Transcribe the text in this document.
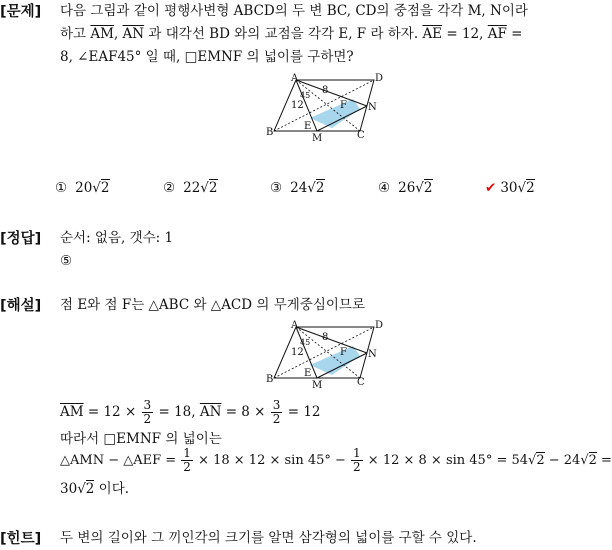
[문제] 다음 그림과 같이 평행사변형 ABCD의 두 변 BC, CD의 중점을 각각 M, N이라
하고 $\overline{AM}$, $\overline{AN}$ 과 대각선 BD 와의 교점을 각각 E, F 라 하자. $\overline{AE} = 12$, $\overline{AF}$ =
8, ∠EAF45° 일 때, □EMNF 의 넓이를 구하면?
A	D
B	C
M
N
E
F
12
8
45
① 20√2	② 22√2	③ 24√2	④ 26√2	✔ 30√2
[정답] 순서: 없음, 갯수: 1
⑤
[해설] 점 E와 점 F는 △ABC 와 △ACD 의 무게중심이므로
A	D
B	C
M
N
E
F
12
8
45
$\overline{AM} = 12 \times \frac{3}{2} = 18$, $\overline{AN} = 8 \times \frac{3}{2} = 12$
따라서 □EMNF 의 넓이는
△AMN − △AEF = $\frac{1}{2} \times 18 \times 12 \times \sin 45^\circ - \frac{1}{2} \times 12 \times 8 \times \sin 45^\circ = 54√2 - 24√2$ =
30√2 이다.
[힌트] 두 변의 길이와 그 끼인각의 크기를 알면 삼각형의 넓이를 구할 수 있다.
